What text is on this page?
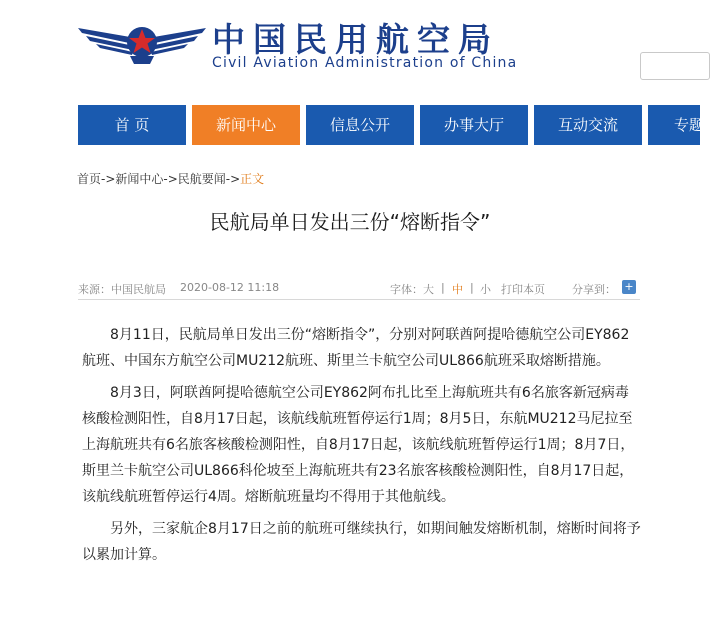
中国民用航空局
Civil Aviation Administration of China
首 页	新闻中心	信息公开	办事大厅	互动交流	专题
首页->新闻中心->民航要闻->正文
民航局单日发出三份“熔断指令”
来源：中国民航局 2020-08-12 11:18	字体： 大 | 中 | 小 打印本页 分享到： +

8月11日，民航局单日发出三份“熔断指令”，分别对阿联酋阿提哈德航空公司EY862航班、中国东方航空公司MU212航班、斯里兰卡航空公司UL866航班采取熔断措施。

8月3日，阿联酋阿提哈德航空公司EY862阿布扎比至上海航班共有6名旅客新冠病毒核酸检测阳性，自8月17日起，该航线航班暂停运行1周；8月5日，东航MU212马尼拉至上海航班共有6名旅客核酸检测阳性，自8月17日起，该航线航班暂停运行1周；8月7日，斯里兰卡航空公司UL866科伦坡至上海航班共有23名旅客核酸检测阳性，自8月17日起，该航线航班暂停运行4周。熔断航班量均不得用于其他航线。

另外，三家航企8月17日之前的航班可继续执行，如期间触发熔断机制，熔断时间将予以累加计算。
